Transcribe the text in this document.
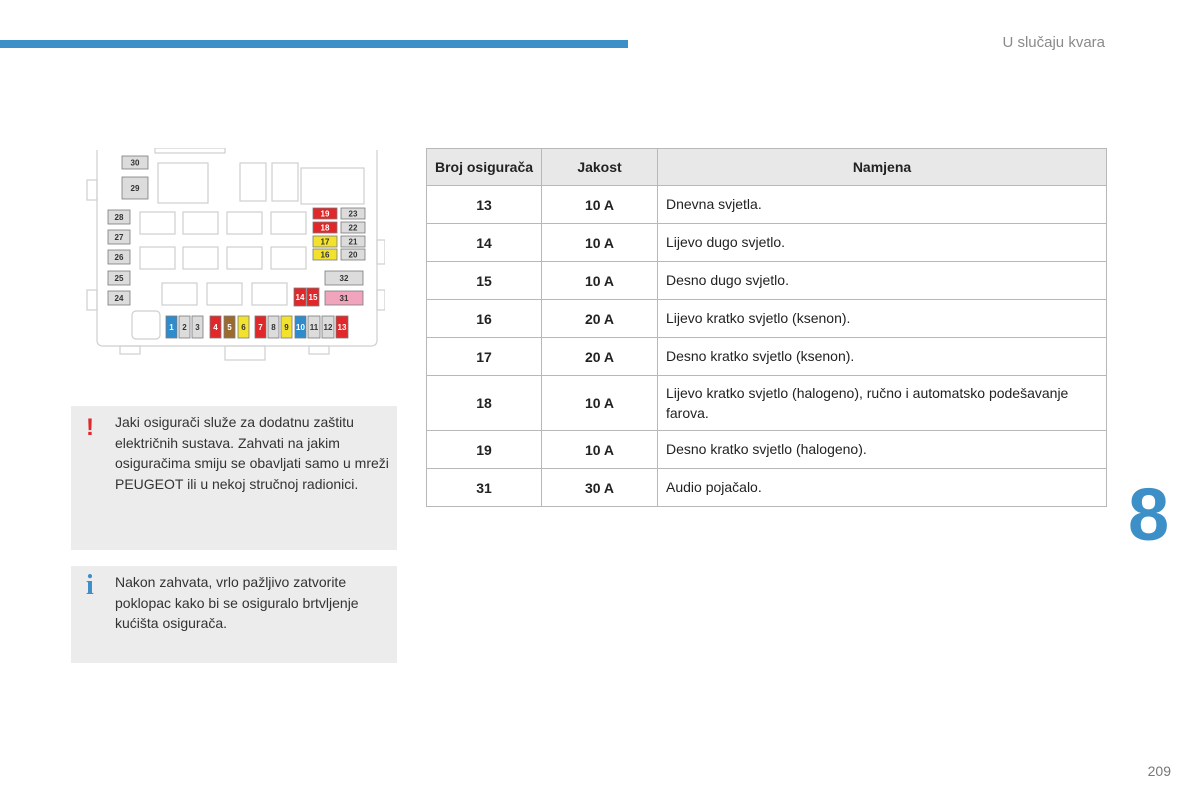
U slučaju kvara
30
29
28
27
26
25
24
19
18
17
16
23
22
21
20
32
31
14 15
1 2 3 4 5 6 7 8 9 10 11 12 13
! Jaki osigurači služe za dodatnu zaštitu električnih sustava. Zahvati na jakim osiguračima smiju se obavljati samo u mreži PEUGEOT ili u nekoj stručnoj radionici.
i Nakon zahvata, vrlo pažljivo zatvorite poklopac kako bi se osiguralo brtvljenje kućišta osigurača.
Broj osigurača	Jakost	Namjena
13	10 A	Dnevna svjetla.
14	10 A	Lijevo dugo svjetlo.
15	10 A	Desno dugo svjetlo.
16	20 A	Lijevo kratko svjetlo (ksenon).
17	20 A	Desno kratko svjetlo (ksenon).
18	10 A	Lijevo kratko svjetlo (halogeno), ručno i automatsko podešavanje farova.
19	10 A	Desno kratko svjetlo (halogeno).
31	30 A	Audio pojačalo.	8
209
